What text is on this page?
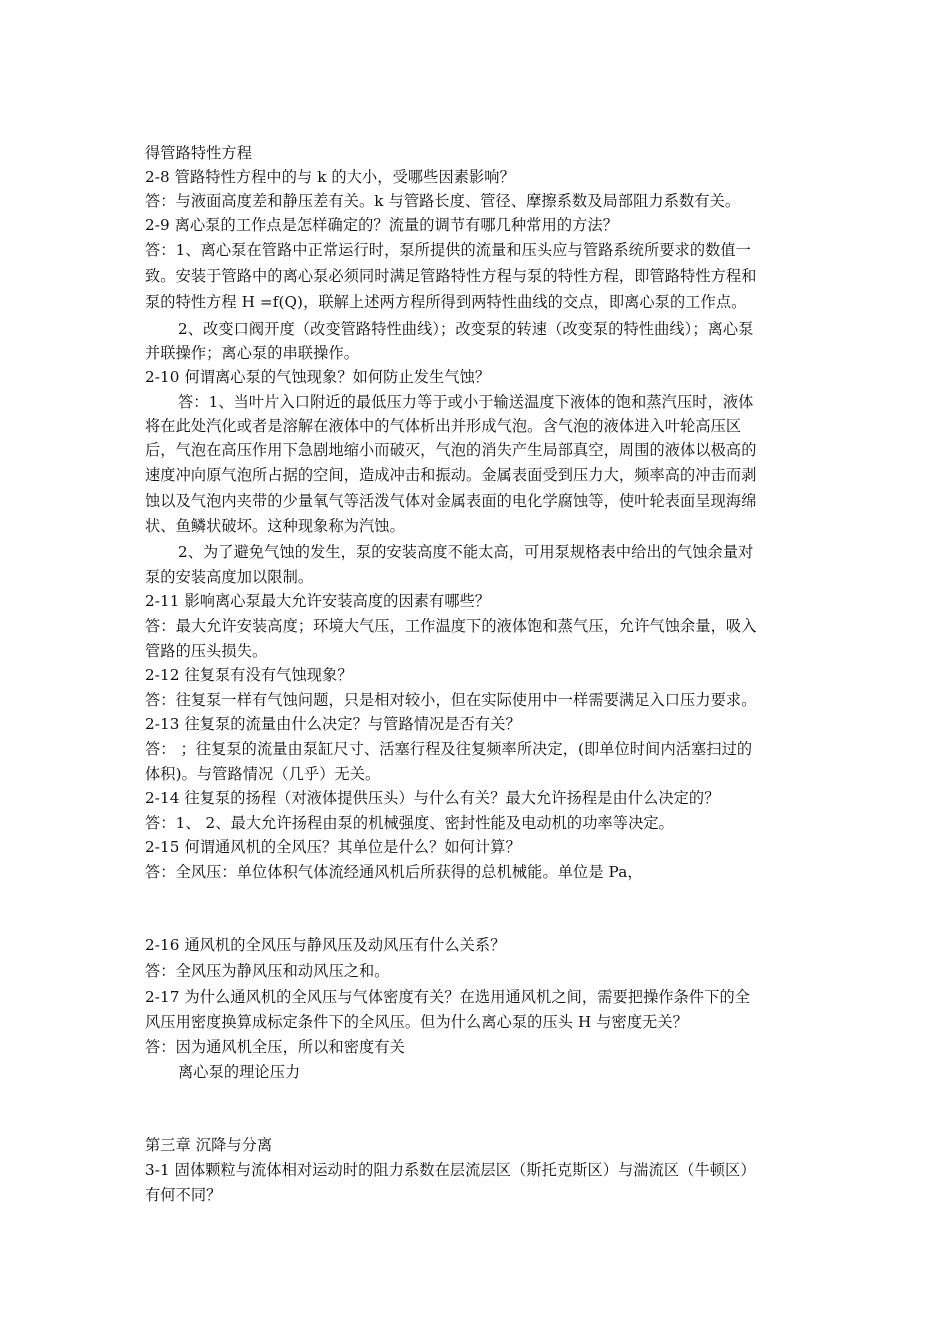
得管路特性方程
2-8 管路特性方程中的与 k 的大小，受哪些因素影响？
答：与液面高度差和静压差有关。k 与管路长度、管径、摩擦系数及局部阻力系数有关。
2-9 离心泵的工作点是怎样确定的？流量的调节有哪几种常用的方法？
答：1、离心泵在管路中正常运行时，泵所提供的流量和压头应与管路系统所要求的数值一
致。安装于管路中的离心泵必须同时满足管路特性方程与泵的特性方程，即管路特性方程和
泵的特性方程 H =f(Q)，联解上述两方程所得到两特性曲线的交点，即离心泵的工作点。
2、改变口阀开度（改变管路特性曲线）；改变泵的转速（改变泵的特性曲线）；离心泵
并联操作；离心泵的串联操作。
2-10 何谓离心泵的气蚀现象？如何防止发生气蚀？
答：1、当叶片入口附近的最低压力等于或小于输送温度下液体的饱和蒸汽压时，液体
将在此处汽化或者是溶解在液体中的气体析出并形成气泡。含气泡的液体进入叶轮高压区
后，气泡在高压作用下急剧地缩小而破灭，气泡的消失产生局部真空，周围的液体以极高的
速度冲向原气泡所占据的空间，造成冲击和振动。金属表面受到压力大，频率高的冲击而剥
蚀以及气泡内夹带的少量氧气等活泼气体对金属表面的电化学腐蚀等，使叶轮表面呈现海绵
状、鱼鳞状破坏。这种现象称为汽蚀。
2、为了避免气蚀的发生，泵的安装高度不能太高，可用泵规格表中给出的气蚀余量对
泵的安装高度加以限制。
2-11 影响离心泵最大允许安装高度的因素有哪些？
答：最大允许安装高度；环境大气压，工作温度下的液体饱和蒸气压，允许气蚀余量，吸入
管路的压头损失。
2-12 往复泵有没有气蚀现象？
答：往复泵一样有气蚀问题，只是相对较小，但在实际使用中一样需要满足入口压力要求。
2-13 往复泵的流量由什么决定？与管路情况是否有关？
答： ；往复泵的流量由泵缸尺寸、活塞行程及往复频率所决定，(即单位时间内活塞扫过的
体积)。与管路情况（几乎）无关。
2-14 往复泵的扬程（对液体提供压头）与什么有关？最大允许扬程是由什么决定的？
答：1、 2、最大允许扬程由泵的机械强度、密封性能及电动机的功率等决定。
2-15 何谓通风机的全风压？其单位是什么？如何计算？
答：全风压：单位体积气体流经通风机后所获得的总机械能。单位是 Pa，
2-16 通风机的全风压与静风压及动风压有什么关系？
答：全风压为静风压和动风压之和。
2-17 为什么通风机的全风压与气体密度有关？在选用通风机之间，需要把操作条件下的全
风压用密度换算成标定条件下的全风压。但为什么离心泵的压头 H 与密度无关？
答：因为通风机全压，所以和密度有关
离心泵的理论压力
第三章 沉降与分离
3-1 固体颗粒与流体相对运动时的阻力系数在层流层区（斯托克斯区）与湍流区（牛顿区）
有何不同？
